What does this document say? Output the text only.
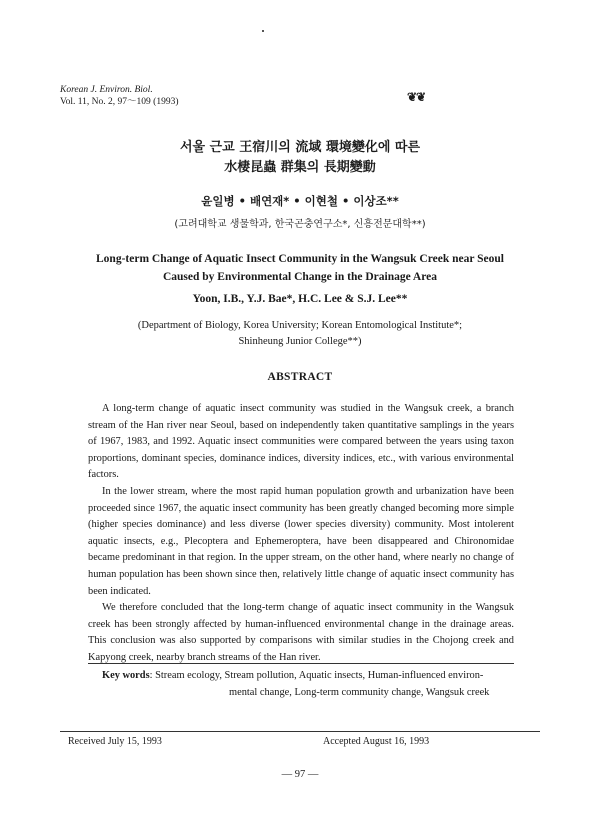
Korean J. Environ. Biol.
Vol. 11, No. 2, 97～109 (1993)	❦❦
서울 근교 王宿川의 流域 環境變化에 따른
水棲昆蟲 群集의 長期變動
윤일병 • 배연재* • 이현철 • 이상조**
(고려대학교 생물학과, 한국곤충연구소*, 신흥전문대학**)
Long-term Change of Aquatic Insect Community in the Wangsuk Creek near Seoul
Caused by Environmental Change in the Drainage Area
Yoon, I.B., Y.J. Bae*, H.C. Lee & S.J. Lee**
(Department of Biology, Korea University; Korean Entomological Institute*;
Shinheung Junior College**)
ABSTRACT

A long-term change of aquatic insect community was studied in the Wangsuk creek, a branch stream of the Han river near Seoul, based on independently taken quantitative samplings in the years of 1967, 1983, and 1992. Aquatic insect communities were compared between the years using taxon proportions, dominant species, dominance indices, diversity indices, etc., with various environmental factors.

In the lower stream, where the most rapid human population growth and urbanization have been proceeded since 1967, the aquatic insect community has been greatly changed becoming more simple (higher species dominance) and less diverse (lower species diversity) community. Most intolerent aquatic insects, e.g., Plecoptera and Ephemeroptera, have been disappeared and Chironomidae became predominant in that region. In the upper stream, on the other hand, where nearly no change of human population has been shown since then, relatively little change of aquatic insect community has been indicated.

We therefore concluded that the long-term change of aquatic insect community in the Wangsuk creek has been strongly affected by human-influenced environmental change in the drainage areas. This conclusion was also supported by comparisons with similar studies in the Chojong creek and Kapyong creek, nearby branch streams of the Han river.

Key words: Stream ecology, Stream pollution, Aquatic insects, Human-influenced environ-
mental change, Long-term community change, Wangsuk creek
Received July 15, 1993	Accepted August 16, 1993
— 97 —
